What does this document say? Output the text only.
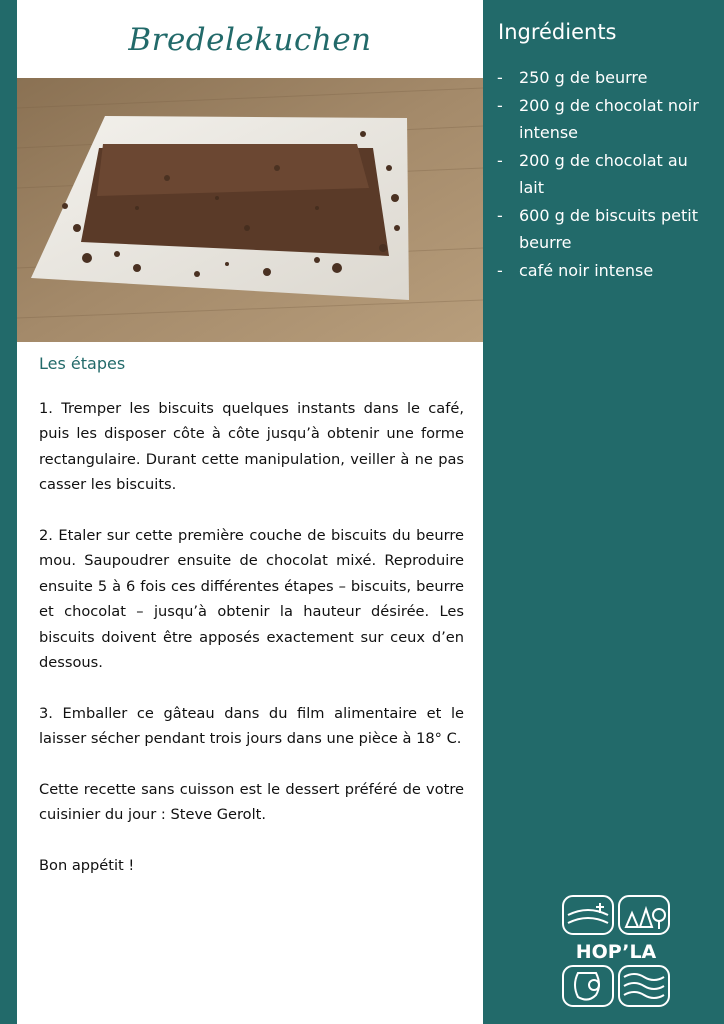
Bredelekuchen
Les étapes

1. Tremper les biscuits quelques instants dans le café, puis les disposer côte à côte jusqu’à obtenir une forme rectangulaire. Durant cette manipulation, veiller à ne pas casser les biscuits.

2. Etaler sur cette première couche de biscuits du beurre mou. Saupoudrer ensuite de chocolat mixé. Reproduire ensuite 5 à 6 fois ces différentes étapes – biscuits, beurre et chocolat – jusqu’à obtenir la hauteur désirée. Les biscuits doivent être apposés exactement sur ceux d’en dessous.

3. Emballer ce gâteau dans du film alimentaire et le laisser sécher pendant trois jours dans une pièce à 18° C.

Cette recette sans cuisson est le dessert préféré de votre cuisinier du jour : Steve Gerolt.

Bon appétit !

Ingrédients
- 250 g de beurre
- 200 g de chocolat noir intense
- 200 g de chocolat au lait
- 600 g de biscuits petit beurre
- café noir intense
HOP’LA
